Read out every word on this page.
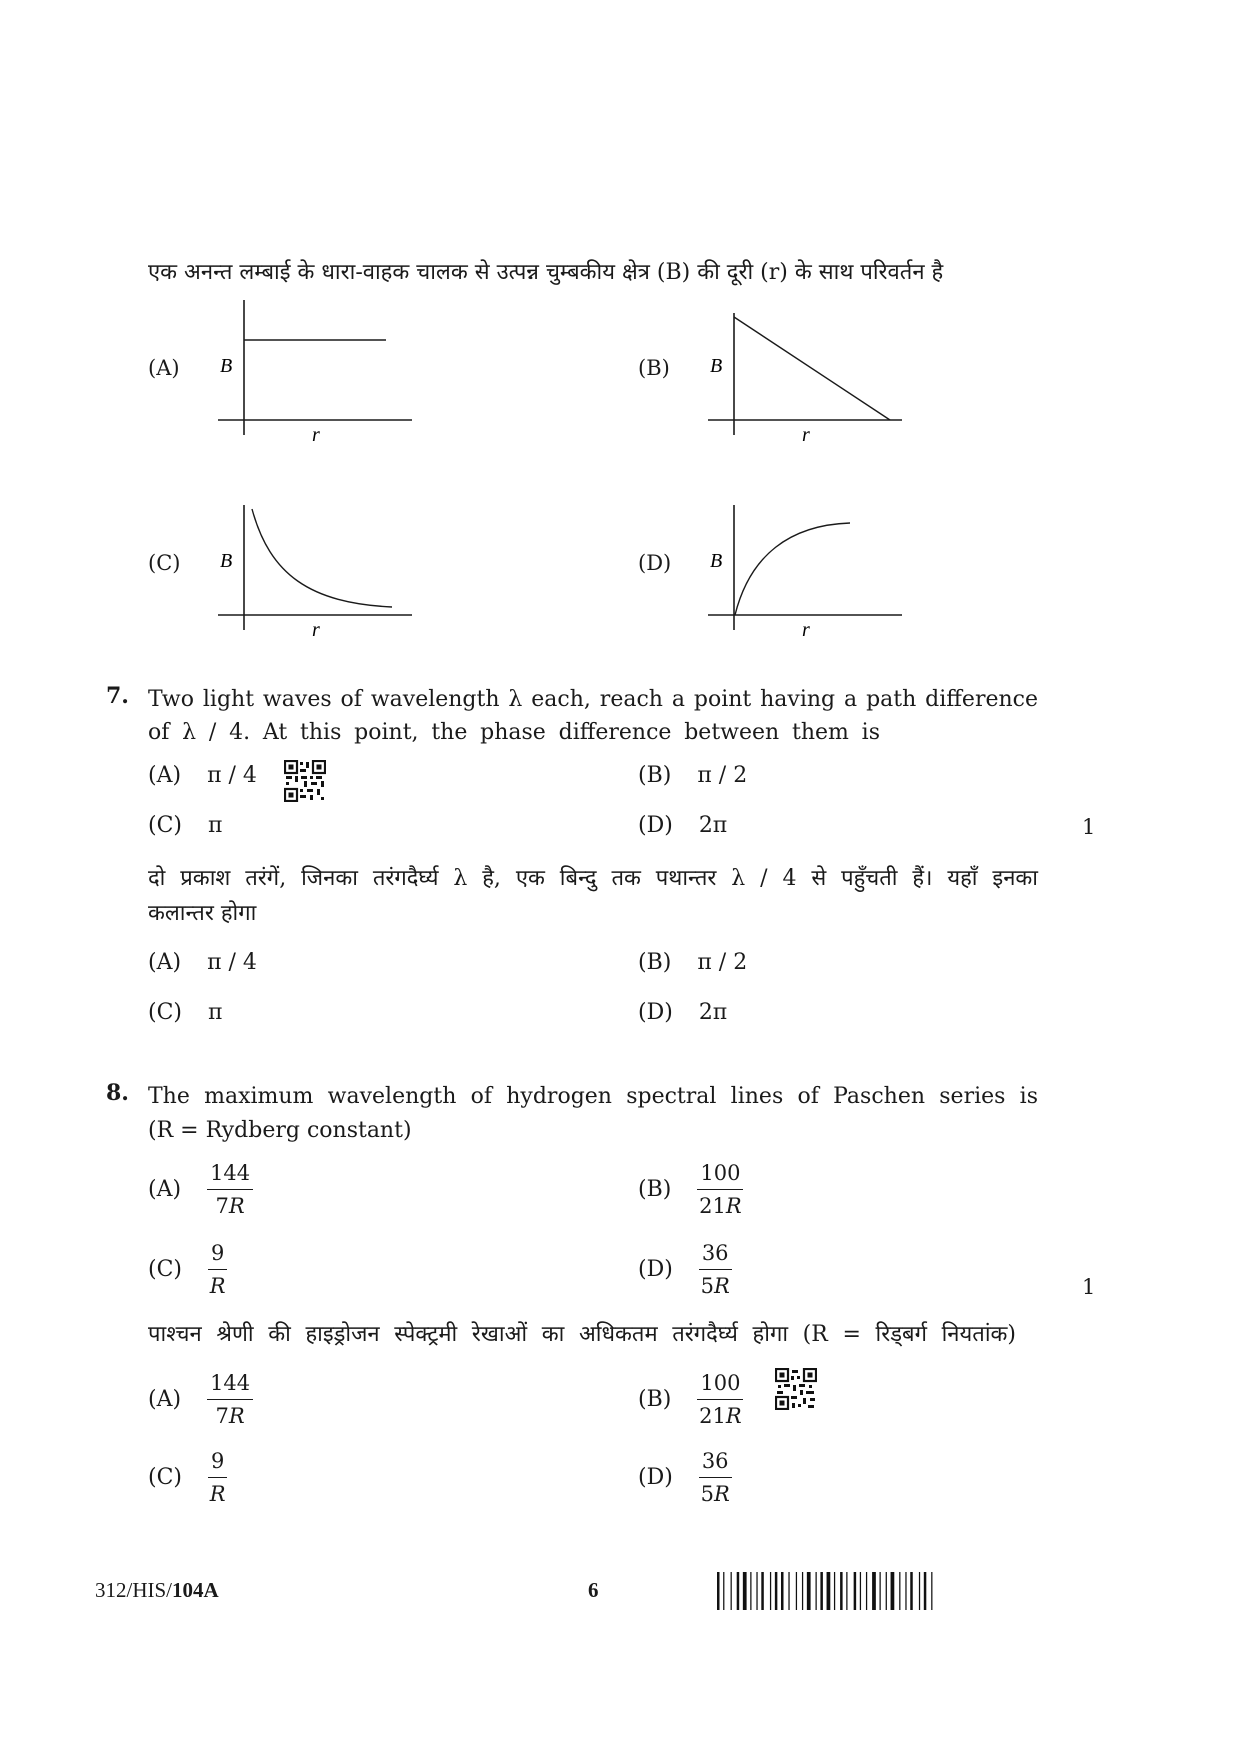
एक अनन्त लम्बाई के धारा-वाहक चालक से उत्पन्न चुम्बकीय क्षेत्र (B) की दूरी (r) के साथ परिवर्तन है
(A)	(B)
(C)	(D)
B
r
B
r
B
r
B
r
7. Two light waves of wavelength λ each, reach a point having a path difference
of λ / 4. At this point, the phase difference between them is
(A) π / 4	(B) π / 2
(C) π	(D) 2π	1
दो प्रकाश तरंगें, जिनका तरंगदैर्घ्य λ है, एक बिन्दु तक पथान्तर λ / 4 से पहुँचती हैं। यहाँ इनका
कलान्तर होगा
(A) π / 4	(B) π / 2
(C) π	(D) 2π
8. The maximum wavelength of hydrogen spectral lines of Paschen series is
(R = Rydberg constant)
$(A) \frac{144}{7R}$	$(B) \frac{100}{21R}$
$(C) \frac{9}{R}$	$(D) \frac{36}{5R}$	1
पाश्चन श्रेणी की हाइड्रोजन स्पेक्ट्रमी रेखाओं का अधिकतम तरंगदैर्घ्य होगा (R = रिड्बर्ग नियतांक)
$(A) \frac{144}{7R}$	$(B) \frac{100}{21R}$
$(C) \frac{9}{R}$	$(D) \frac{36}{5R}$
312/HIS/104A	6
